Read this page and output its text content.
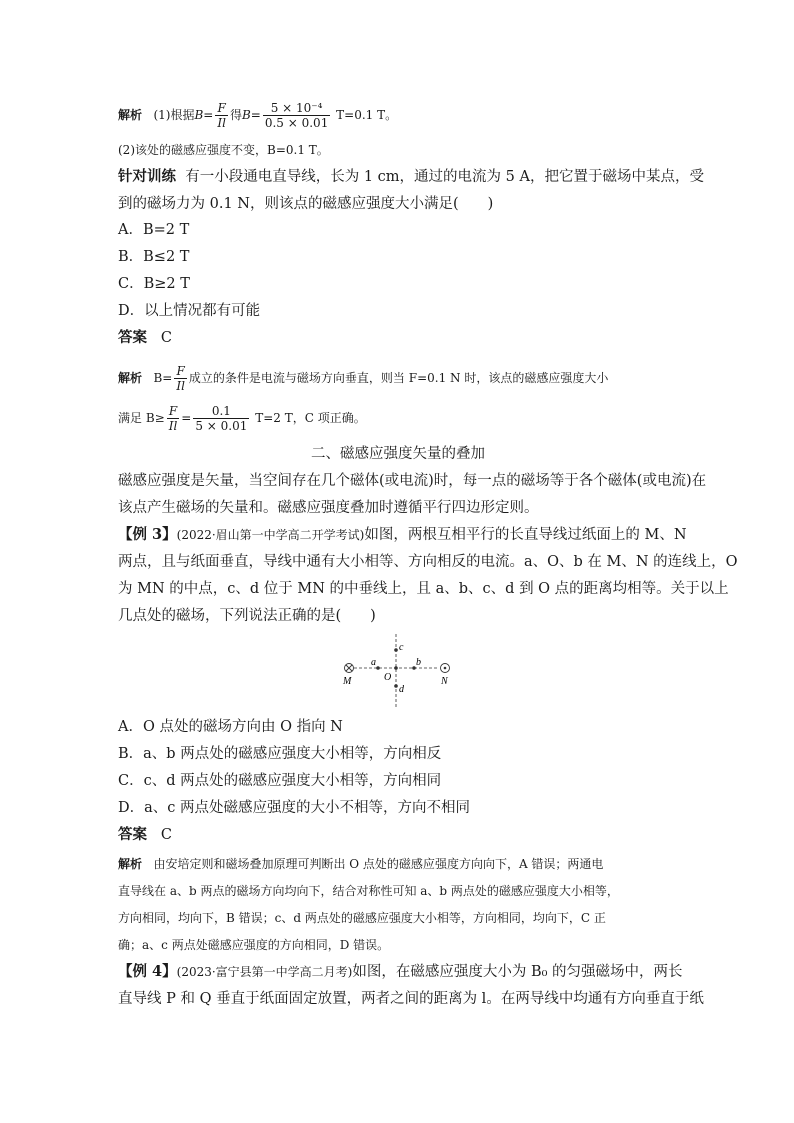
解析 (1)根据$B= \frac{F}{Il}$ 得$B= \frac{\text{5 × 10⁻⁴}}{0.5 \times 0.01} T=0.1$ T。
(2)该处的磁感应强度不变，B=0.1 T。
针对训练 有一小段通电直导线，长为 1 cm，通过的电流为 5 A，把它置于磁场中某点，受
到的磁场力为 0.1 N，则该点的磁感应强度大小满足(　　)
A．B=2 T
B．B≤2 T
C．B≥2 T
D．以上情况都有可能
答案 C
解析 $B= \frac{F}{Il}$ 成立的条件是电流与磁场方向垂直，则当 F=0.1 N 时，该点的磁感应强度大小
满足 $B\ge \frac{F}{Il} = \frac{0.1}{5 \times 0.01} T=2$ T，C 项正确。
二、磁感应强度矢量的叠加
磁感应强度是矢量，当空间存在几个磁体(或电流)时，每一点的磁场等于各个磁体(或电流)在
该点产生磁场的矢量和。磁感应强度叠加时遵循平行四边形定则。
【例 3】(2022·眉山第一中学高二开学考试)如图，两根互相平行的长直导线过纸面上的 M、N
两点，且与纸面垂直，导线中通有大小相等、方向相反的电流。a、O、b 在 M、N 的连线上，O
为 MN 的中点，c、d 位于 MN 的中垂线上，且 a、b、c、d 到 O 点的距离均相等。关于以上
几点处的磁场，下列说法正确的是(　　)
M	N
O
a	b
c
d
A．O 点处的磁场方向由 O 指向 N
B．a、b 两点处的磁感应强度大小相等，方向相反
C．c、d 两点处的磁感应强度大小相等，方向相同
D．a、c 两点处磁感应强度的大小不相等，方向不相同
答案 C
解析 由安培定则和磁场叠加原理可判断出 O 点处的磁感应强度方向向下，A 错误；两通电
直导线在 a、b 两点的磁场方向均向下，结合对称性可知 a、b 两点处的磁感应强度大小相等，
方向相同，均向下，B 错误；c、d 两点处的磁感应强度大小相等，方向相同，均向下，C 正
确；a、c 两点处磁感应强度的方向相同，D 错误。
【例 4】(2023·富宁县第一中学高二月考)如图，在磁感应强度大小为 B₀ 的匀强磁场中，两长
直导线 P 和 Q 垂直于纸面固定放置，两者之间的距离为 l。在两导线中均通有方向垂直于纸
